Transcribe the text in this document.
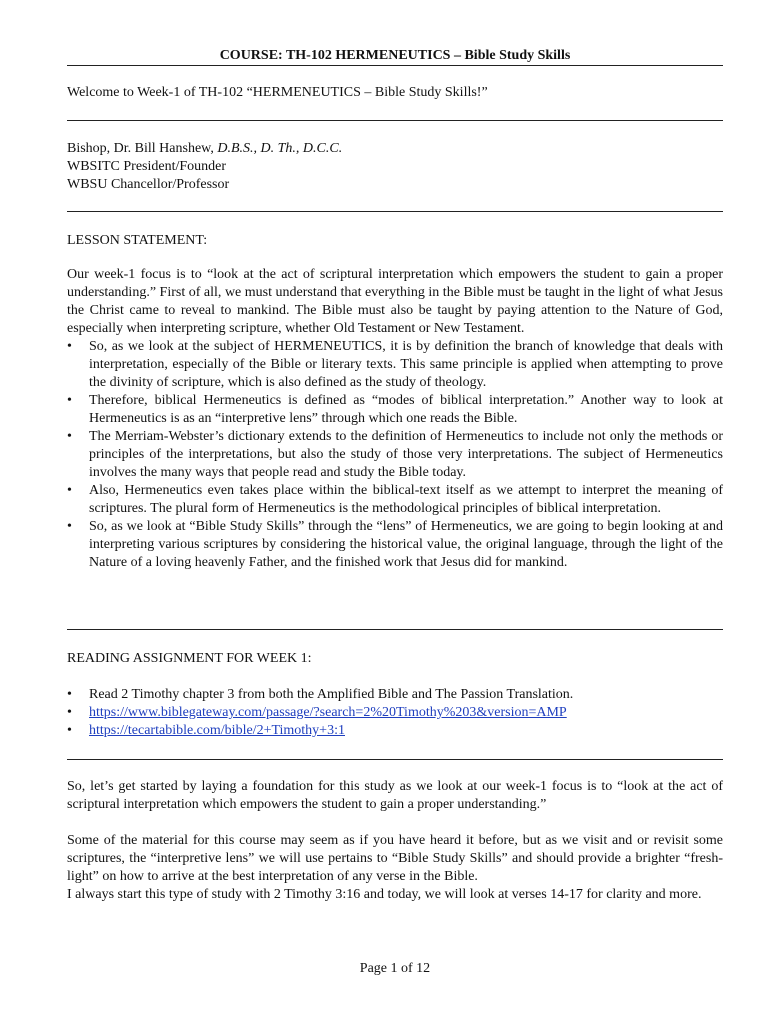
COURSE: TH-102 HERMENEUTICS – Bible Study Skills

Welcome to Week-1 of TH-102 “HERMENEUTICS – Bible Study Skills!”

Bishop, Dr. Bill Hanshew, D.B.S., D. Th., D.C.C.

WBSITC President/Founder

WBSU Chancellor/Professor

LESSON STATEMENT:

Our week-1 focus is to “look at the act of scriptural interpretation which empowers the student to gain a proper understanding.” First of all, we must understand that everything in the Bible must be taught in the light of what Jesus the Christ came to reveal to mankind. The Bible must also be taught by paying attention to the Nature of God, especially when interpreting scripture, whether Old Testament or New Testament.

• So, as we look at the subject of HERMENEUTICS, it is by definition the branch of knowledge that deals with interpretation, especially of the Bible or literary texts. This same principle is applied when attempting to prove the divinity of scripture, which is also defined as the study of theology.
• Therefore, biblical Hermeneutics is defined as “modes of biblical interpretation.” Another way to look at Hermeneutics is as an “interpretive lens” through which one reads the Bible.
• The Merriam-Webster’s dictionary extends to the definition of Hermeneutics to include not only the methods or principles of the interpretations, but also the study of those very interpretations. The subject of Hermeneutics involves the many ways that people read and study the Bible today.
• Also, Hermeneutics even takes place within the biblical-text itself as we attempt to interpret the meaning of scriptures. The plural form of Hermeneutics is the methodological principles of biblical interpretation.
• So, as we look at “Bible Study Skills” through the “lens” of Hermeneutics, we are going to begin looking at and interpreting various scriptures by considering the historical value, the original language, through the light of the Nature of a loving heavenly Father, and the finished work that Jesus did for mankind.

READING ASSIGNMENT FOR WEEK 1:

• Read 2 Timothy chapter 3 from both the Amplified Bible and The Passion Translation.
• https://www.biblegateway.com/passage/?search=2%20Timothy%203&version=AMP
• https://tecartabible.com/bible/2+Timothy+3:1

So, let’s get started by laying a foundation for this study as we look at our week-1 focus is to “look at the act of scriptural interpretation which empowers the student to gain a proper understanding.”

Some of the material for this course may seem as if you have heard it before, but as we visit and or revisit some scriptures, the “interpretive lens” we will use pertains to “Bible Study Skills” and should provide a brighter “fresh-light” on how to arrive at the best interpretation of any verse in the Bible.

I always start this type of study with 2 Timothy 3:16 and today, we will look at verses 14-17 for clarity and more.

Page 1 of 12
